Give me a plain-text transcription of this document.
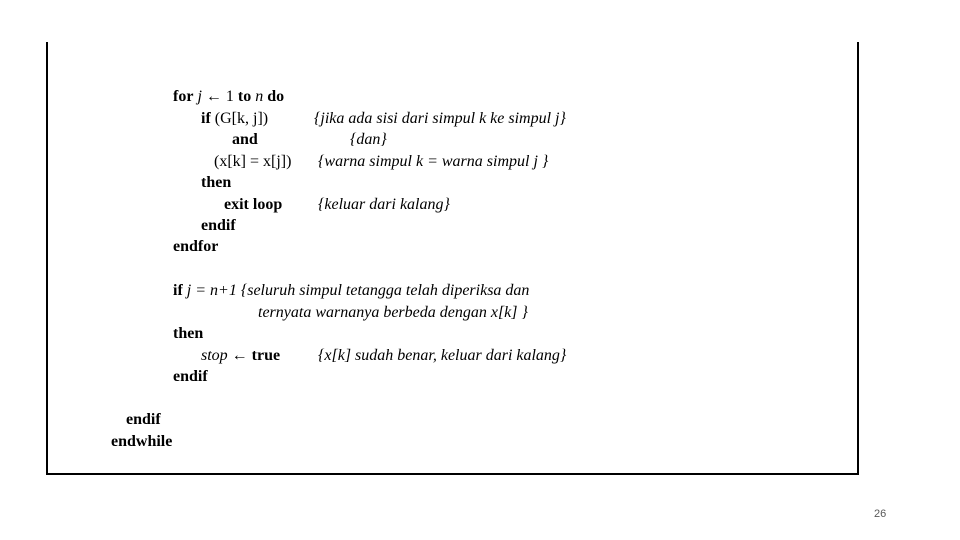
for j ← 1 to n do
if (G[k, j])	{jika ada sisi dari simpul k ke simpul j}
and	{dan}
(x[k] = x[j]) {warna simpul k = warna simpul j }
then
exit loop {keluar dari kalang}
endif
endfor
if j = n+1 {seluruh simpul tetangga telah diperiksa dan
ternyata warnanya berbeda dengan x[k] }
then
stop ← true {x[k] sudah benar, keluar dari kalang}
endif
endif
endwhile
26
